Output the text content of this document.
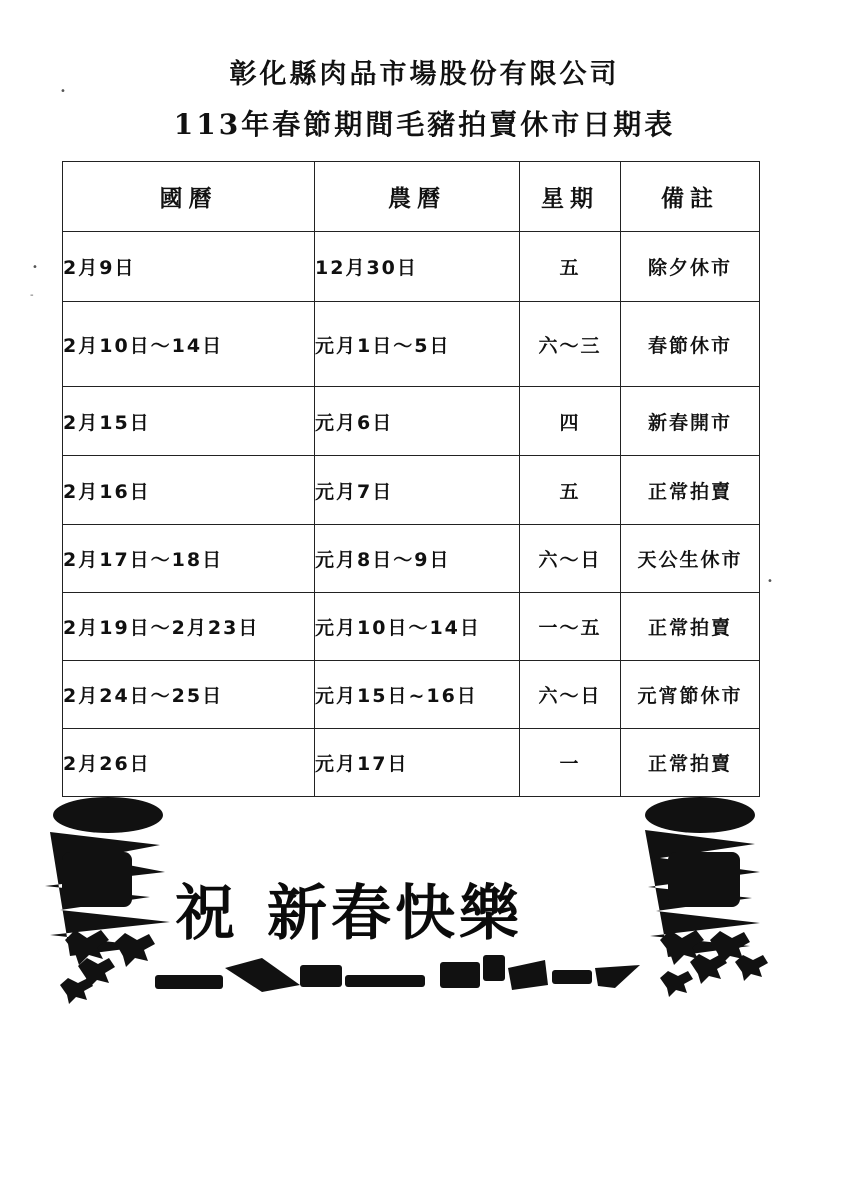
彰化縣肉品市場股份有限公司
113年春節期間毛豬拍賣休市日期表
•
•
-
•
國曆	農曆	星期	備註
2月9日	12月30日	五	除夕休市
2月10日～14日	元月1日～5日	六～三	春節休市
2月15日	元月6日	四	新春開市
2月16日	元月7日	五	正常拍賣
2月17日～18日	元月8日～9日	六～日	天公生休市
2月19日～2月23日	元月10日～14日	一～五	正常拍賣
2月24日～25日	元月15日~16日	六～日	元宵節休市
2月26日	元月17日	一	正常拍賣
祝 新春快樂
